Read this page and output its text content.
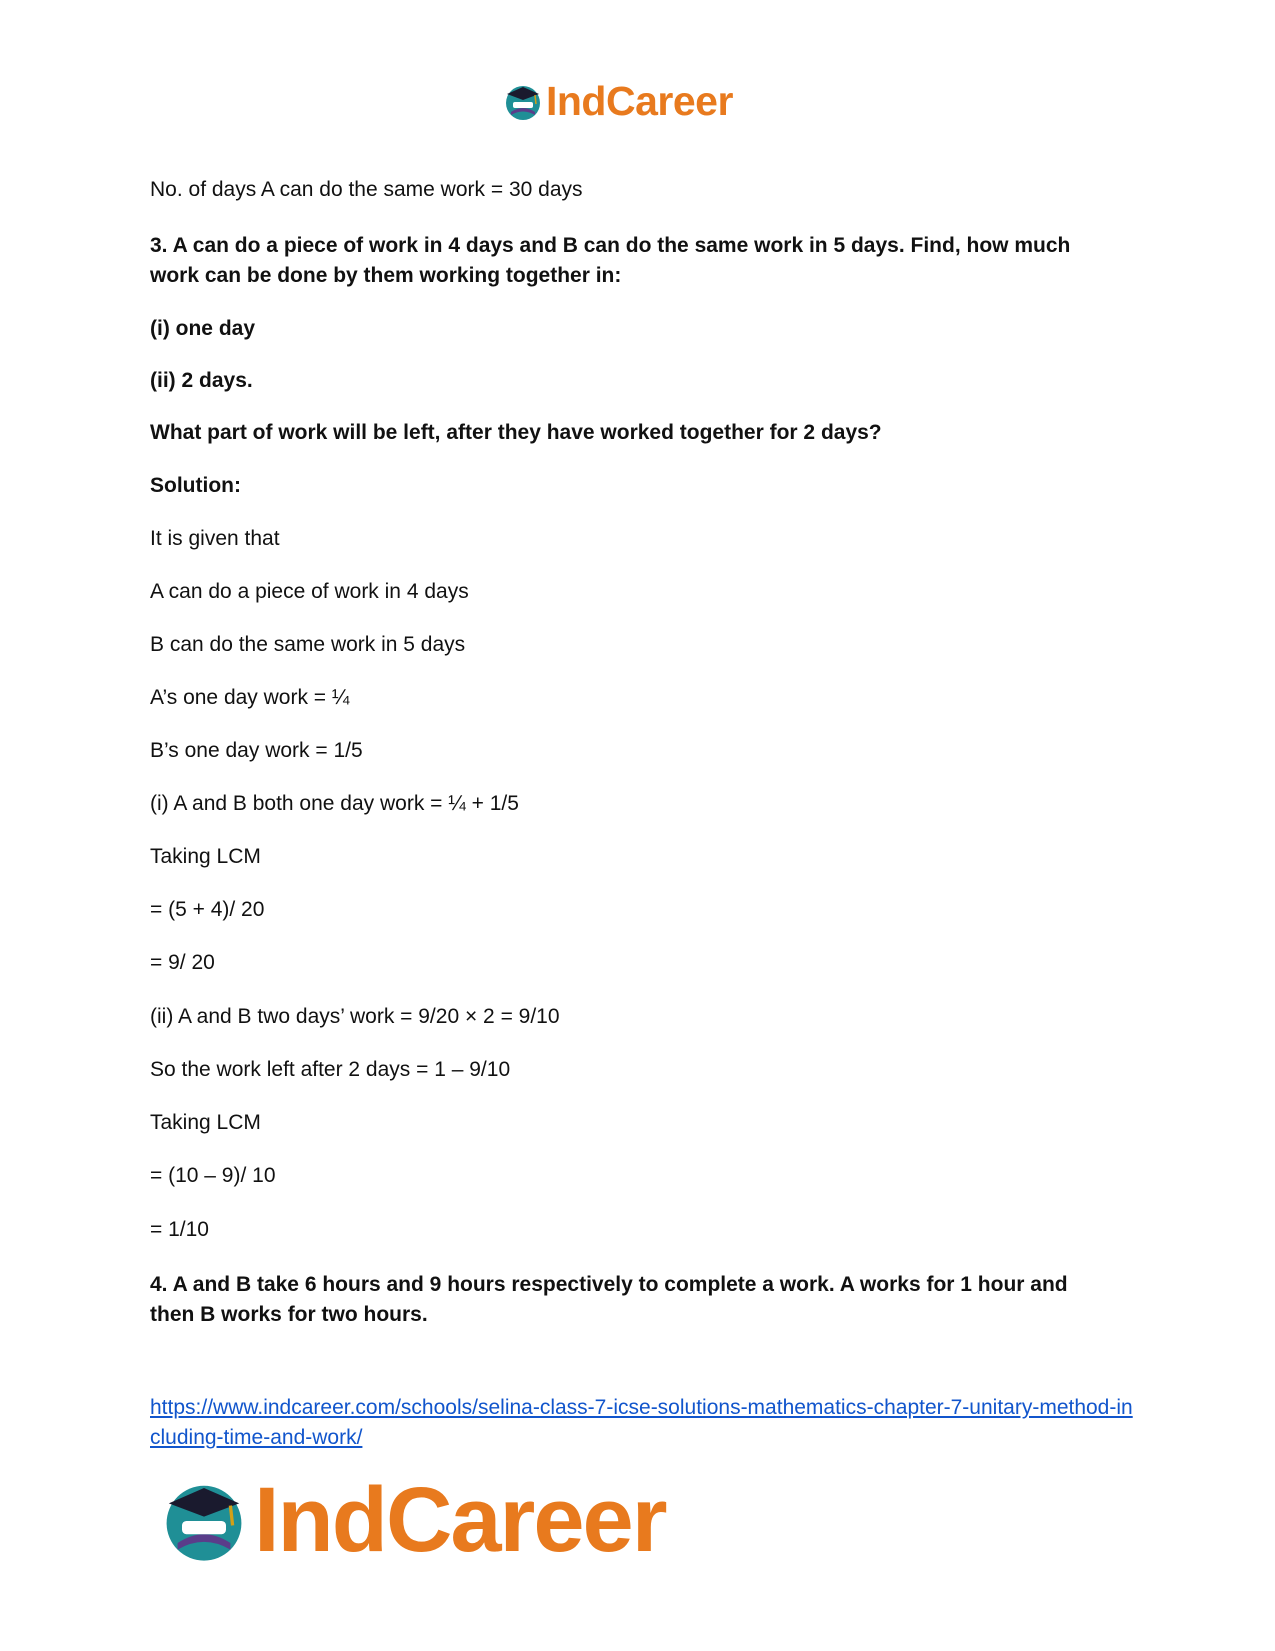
IndCareer
No. of days A can do the same work = 30 days
3. A can do a piece of work in 4 days and B can do the same work in 5 days. Find, how much work can be done by them working together in:
(i) one day
(ii) 2 days.
What part of work will be left, after they have worked together for 2 days?
Solution:
It is given that
A can do a piece of work in 4 days
B can do the same work in 5 days
A’s one day work = ¼
B’s one day work = 1/5
(i) A and B both one day work = ¼ + 1/5
Taking LCM
= (5 + 4)/ 20
= 9/ 20
(ii) A and B two days’ work = 9/20 × 2 = 9/10
So the work left after 2 days = 1 – 9/10
Taking LCM
= (10 – 9)/ 10
= 1/10
4. A and B take 6 hours and 9 hours respectively to complete a work. A works for 1 hour and then B works for two hours.
https://www.indcareer.com/schools/selina-class-7-icse-solutions-mathematics-chapter-7-unitary-method-including-time-and-work/
IndCareer
